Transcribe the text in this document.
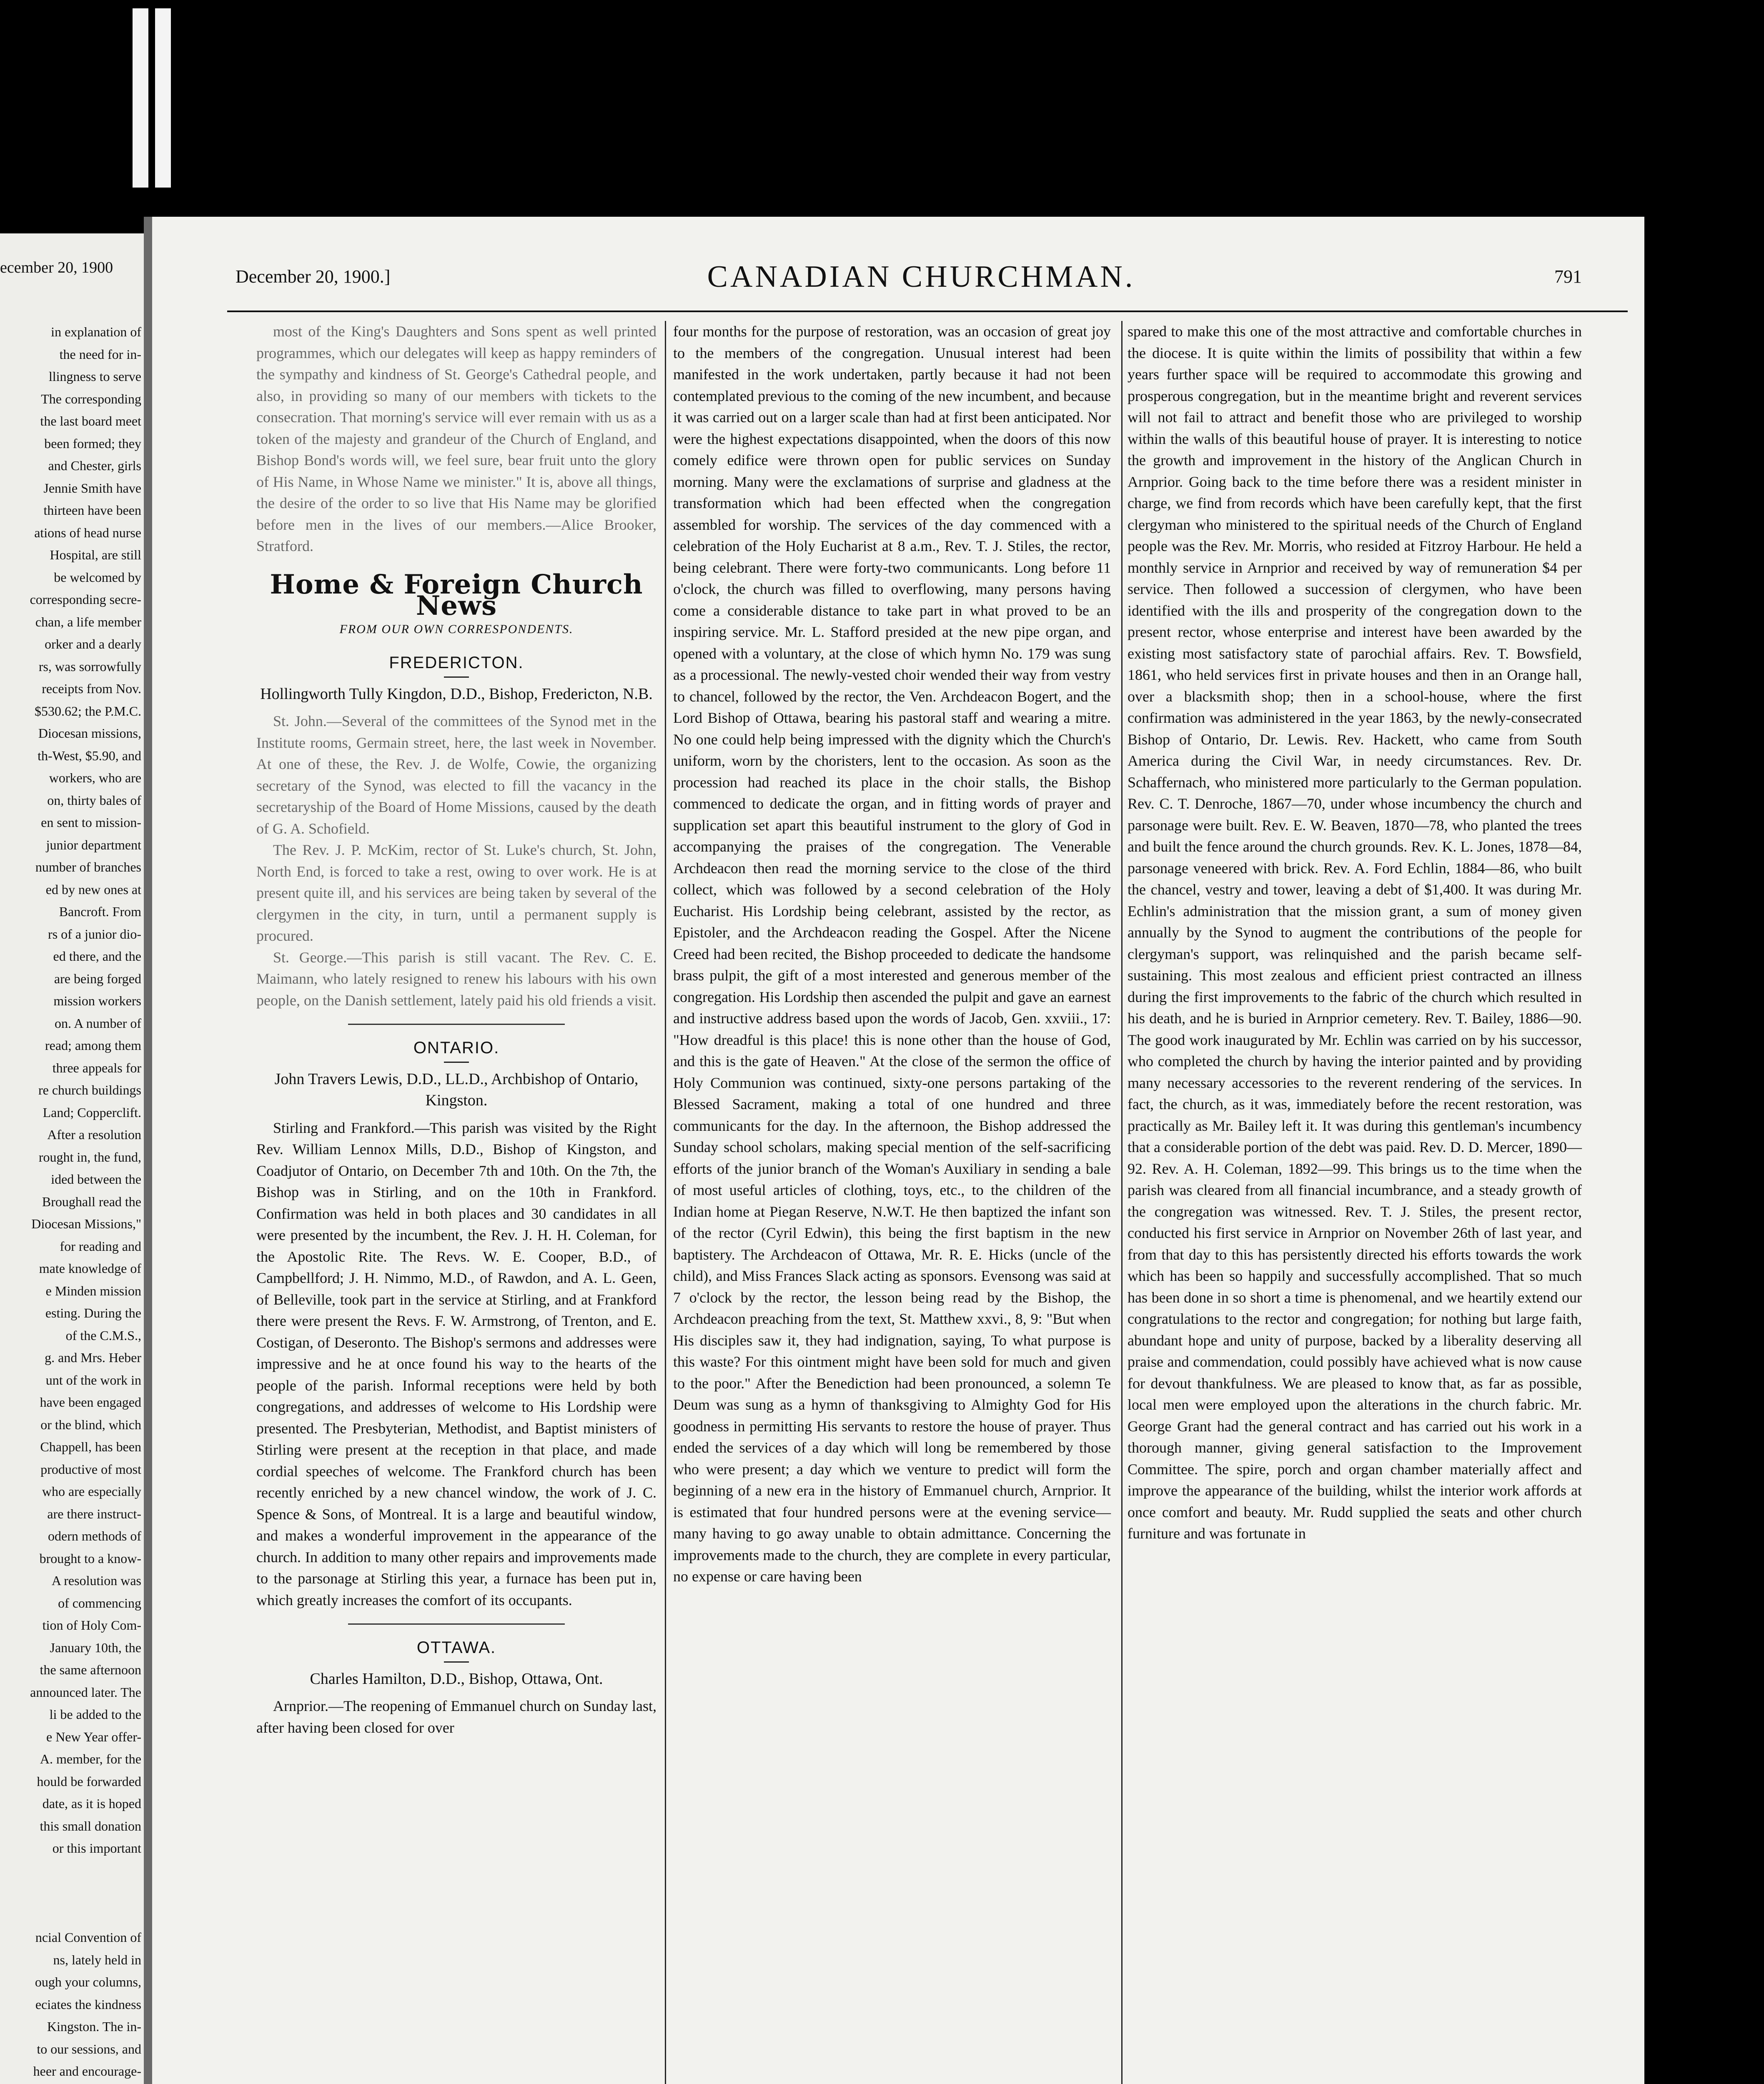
ecember 20, 1900
in explanation of
the need for in-
llingness to serve
The corresponding
the last board meet
been formed; they
and Chester, girls
Jennie Smith have
thirteen have been
ations of head nurse
Hospital, are still
be welcomed by
corresponding secre-
chan, a life member
orker and a dearly
rs, was sorrowfully
receipts from Nov.
$530.62; the P.M.C.
Diocesan missions,
th-West, $5.90, and
workers, who are
on, thirty bales of
en sent to mission-
junior department
number of branches
ed by new ones at
Bancroft. From
rs of a junior dio-
ed there, and the
are being forged
mission workers
on. A number of
read; among them
three appeals for
re church buildings
Land; Copperclift.
After a resolution
rought in, the fund,
ided between the
Broughall read the
Diocesan Missions,"
for reading and
mate knowledge of
e Minden mission
esting. During the
of the C.M.S.,
g. and Mrs. Heber
unt of the work in
have been engaged
or the blind, which
Chappell, has been
productive of most
who are especially
are there instruct-
odern methods of
brought to a know-
A resolution was
of commencing
tion of Holy Com-
January 10th, the
the same afternoon
announced later. The
li be added to the
e New Year offer-
A. member, for the
hould be forwarded
date, as it is hoped
this small donation
or this important

ncial Convention of
ns, lately held in
ough your columns,
eciates the kindness
Kingston. The in-
to our sessions, and
heer and encourage-
December 20, 1900.]	CANADIAN CHURCHMAN.	791

most of the King's Daughters and Sons spent as well printed programmes, which our delegates will keep as happy reminders of the sympathy and kindness of St. George's Cathedral people, and also, in providing so many of our members with tickets to the consecration. That morning's service will ever remain with us as a token of the majesty and grandeur of the Church of England, and Bishop Bond's words will, we feel sure, bear fruit unto the glory of His Name, in Whose Name we minister." It is, above all things, the desire of the order to so live that His Name may be glorified before men in the lives of our members.—Alice Brooker, Stratford.

Home & Foreign Church News
FROM OUR OWN CORRESPONDENTS.
FREDERICTON.

Hollingworth Tully Kingdon, D.D., Bishop, Fredericton, N.B.

St. John.—Several of the committees of the Synod met in the Institute rooms, Germain street, here, the last week in November. At one of these, the Rev. J. de Wolfe, Cowie, the organizing secretary of the Synod, was elected to fill the vacancy in the secretaryship of the Board of Home Missions, caused by the death of G. A. Schofield.

The Rev. J. P. McKim, rector of St. Luke's church, St. John, North End, is forced to take a rest, owing to over work. He is at present quite ill, and his services are being taken by several of the clergymen in the city, in turn, until a permanent supply is procured.

St. George.—This parish is still vacant. The Rev. C. E. Maimann, who lately resigned to renew his labours with his own people, on the Danish settlement, lately paid his old friends a visit.

ONTARIO.

John Travers Lewis, D.D., LL.D., Archbishop of Ontario, Kingston.

Stirling and Frankford.—This parish was visited by the Right Rev. William Lennox Mills, D.D., Bishop of Kingston, and Coadjutor of Ontario, on December 7th and 10th. On the 7th, the Bishop was in Stirling, and on the 10th in Frankford. Confirmation was held in both places and 30 candidates in all were presented by the incumbent, the Rev. J. H. H. Coleman, for the Apostolic Rite. The Revs. W. E. Cooper, B.D., of Campbellford; J. H. Nimmo, M.D., of Rawdon, and A. L. Geen, of Belleville, took part in the service at Stirling, and at Frankford there were present the Revs. F. W. Armstrong, of Trenton, and E. Costigan, of Deseronto. The Bishop's sermons and addresses were impressive and he at once found his way to the hearts of the people of the parish. Informal receptions were held by both congregations, and addresses of welcome to His Lordship were presented. The Presbyterian, Methodist, and Baptist ministers of Stirling were present at the reception in that place, and made cordial speeches of welcome. The Frankford church has been recently enriched by a new chancel window, the work of J. C. Spence & Sons, of Montreal. It is a large and beautiful window, and makes a wonderful improvement in the appearance of the church. In addition to many other repairs and improvements made to the parsonage at Stirling this year, a furnace has been put in, which greatly increases the comfort of its occupants.

OTTAWA.

Charles Hamilton, D.D., Bishop, Ottawa, Ont.

Arnprior.—The reopening of Emmanuel church on Sunday last, after having been closed for over

four months for the purpose of restoration, was an occasion of great joy to the members of the congregation. Unusual interest had been manifested in the work undertaken, partly because it had not been contemplated previous to the coming of the new incumbent, and because it was carried out on a larger scale than had at first been anticipated. Nor were the highest expectations disappointed, when the doors of this now comely edifice were thrown open for public services on Sunday morning. Many were the exclamations of surprise and gladness at the transformation which had been effected when the congregation assembled for worship. The services of the day commenced with a celebration of the Holy Eucharist at 8 a.m., Rev. T. J. Stiles, the rector, being celebrant. There were forty-two communicants. Long before 11 o'clock, the church was filled to overflowing, many persons having come a considerable distance to take part in what proved to be an inspiring service. Mr. L. Stafford presided at the new pipe organ, and opened with a voluntary, at the close of which hymn No. 179 was sung as a processional. The newly-vested choir wended their way from vestry to chancel, followed by the rector, the Ven. Archdeacon Bogert, and the Lord Bishop of Ottawa, bearing his pastoral staff and wearing a mitre. No one could help being impressed with the dignity which the Church's uniform, worn by the choristers, lent to the occasion. As soon as the procession had reached its place in the choir stalls, the Bishop commenced to dedicate the organ, and in fitting words of prayer and supplication set apart this beautiful instrument to the glory of God in accompanying the praises of the congregation. The Venerable Archdeacon then read the morning service to the close of the third collect, which was followed by a second celebration of the Holy Eucharist. His Lordship being celebrant, assisted by the rector, as Epistoler, and the Archdeacon reading the Gospel. After the Nicene Creed had been recited, the Bishop proceeded to dedicate the handsome brass pulpit, the gift of a most interested and generous member of the congregation. His Lordship then ascended the pulpit and gave an earnest and instructive address based upon the words of Jacob, Gen. xxviii., 17: "How dreadful is this place! this is none other than the house of God, and this is the gate of Heaven." At the close of the sermon the office of Holy Communion was continued, sixty-one persons partaking of the Blessed Sacrament, making a total of one hundred and three communicants for the day. In the afternoon, the Bishop addressed the Sunday school scholars, making special mention of the self-sacrificing efforts of the junior branch of the Woman's Auxiliary in sending a bale of most useful articles of clothing, toys, etc., to the children of the Indian home at Piegan Reserve, N.W.T. He then baptized the infant son of the rector (Cyril Edwin), this being the first baptism in the new baptistery. The Archdeacon of Ottawa, Mr. R. E. Hicks (uncle of the child), and Miss Frances Slack acting as sponsors. Evensong was said at 7 o'clock by the rector, the lesson being read by the Bishop, the Archdeacon preaching from the text, St. Matthew xxvi., 8, 9: "But when His disciples saw it, they had indignation, saying, To what purpose is this waste? For this ointment might have been sold for much and given to the poor." After the Benediction had been pronounced, a solemn Te Deum was sung as a hymn of thanksgiving to Almighty God for His goodness in permitting His servants to restore the house of prayer. Thus ended the services of a day which will long be remembered by those who were present; a day which we venture to predict will form the beginning of a new era in the history of Emmanuel church, Arnprior. It is estimated that four hundred persons were at the evening service—many having to go away unable to obtain admittance. Concerning the improvements made to the church, they are complete in every particular, no expense or care having been

spared to make this one of the most attractive and comfortable churches in the diocese. It is quite within the limits of possibility that within a few years further space will be required to accommodate this growing and prosperous congregation, but in the meantime bright and reverent services will not fail to attract and benefit those who are privileged to worship within the walls of this beautiful house of prayer. It is interesting to notice the growth and improvement in the history of the Anglican Church in Arnprior. Going back to the time before there was a resident minister in charge, we find from records which have been carefully kept, that the first clergyman who ministered to the spiritual needs of the Church of England people was the Rev. Mr. Morris, who resided at Fitzroy Harbour. He held a monthly service in Arnprior and received by way of remuneration $4 per service. Then followed a succession of clergymen, who have been identified with the ills and prosperity of the congregation down to the present rector, whose enterprise and interest have been awarded by the existing most satisfactory state of parochial affairs. Rev. T. Bowsfield, 1861, who held services first in private houses and then in an Orange hall, over a blacksmith shop; then in a school-house, where the first confirmation was administered in the year 1863, by the newly-consecrated Bishop of Ontario, Dr. Lewis. Rev. Hackett, who came from South America during the Civil War, in needy circumstances. Rev. Dr. Schaffernach, who ministered more particularly to the German population. Rev. C. T. Denroche, 1867—70, under whose incumbency the church and parsonage were built. Rev. E. W. Beaven, 1870—78, who planted the trees and built the fence around the church grounds. Rev. K. L. Jones, 1878—84, parsonage veneered with brick. Rev. A. Ford Echlin, 1884—86, who built the chancel, vestry and tower, leaving a debt of $1,400. It was during Mr. Echlin's administration that the mission grant, a sum of money given annually by the Synod to augment the contributions of the people for clergyman's support, was relinquished and the parish became self-sustaining. This most zealous and efficient priest contracted an illness during the first improvements to the fabric of the church which resulted in his death, and he is buried in Arnprior cemetery. Rev. T. Bailey, 1886—90. The good work inaugurated by Mr. Echlin was carried on by his successor, who completed the church by having the interior painted and by providing many necessary accessories to the reverent rendering of the services. In fact, the church, as it was, immediately before the recent restoration, was practically as Mr. Bailey left it. It was during this gentleman's incumbency that a considerable portion of the debt was paid. Rev. D. D. Mercer, 1890—92. Rev. A. H. Coleman, 1892—99. This brings us to the time when the parish was cleared from all financial incumbrance, and a steady growth of the congregation was witnessed. Rev. T. J. Stiles, the present rector, conducted his first service in Arnprior on November 26th of last year, and from that day to this has persistently directed his efforts towards the work which has been so happily and successfully accomplished. That so much has been done in so short a time is phenomenal, and we heartily extend our congratulations to the rector and congregation; for nothing but large faith, abundant hope and unity of purpose, backed by a liberality deserving all praise and commendation, could possibly have achieved what is now cause for devout thankfulness. We are pleased to know that, as far as possible, local men were employed upon the alterations in the church fabric. Mr. George Grant had the general contract and has carried out his work in a thorough manner, giving general satisfaction to the Improvement Committee. The spire, porch and organ chamber materially affect and improve the appearance of the building, whilst the interior work affords at once comfort and beauty. Mr. Rudd supplied the seats and other church furniture and was fortunate in
